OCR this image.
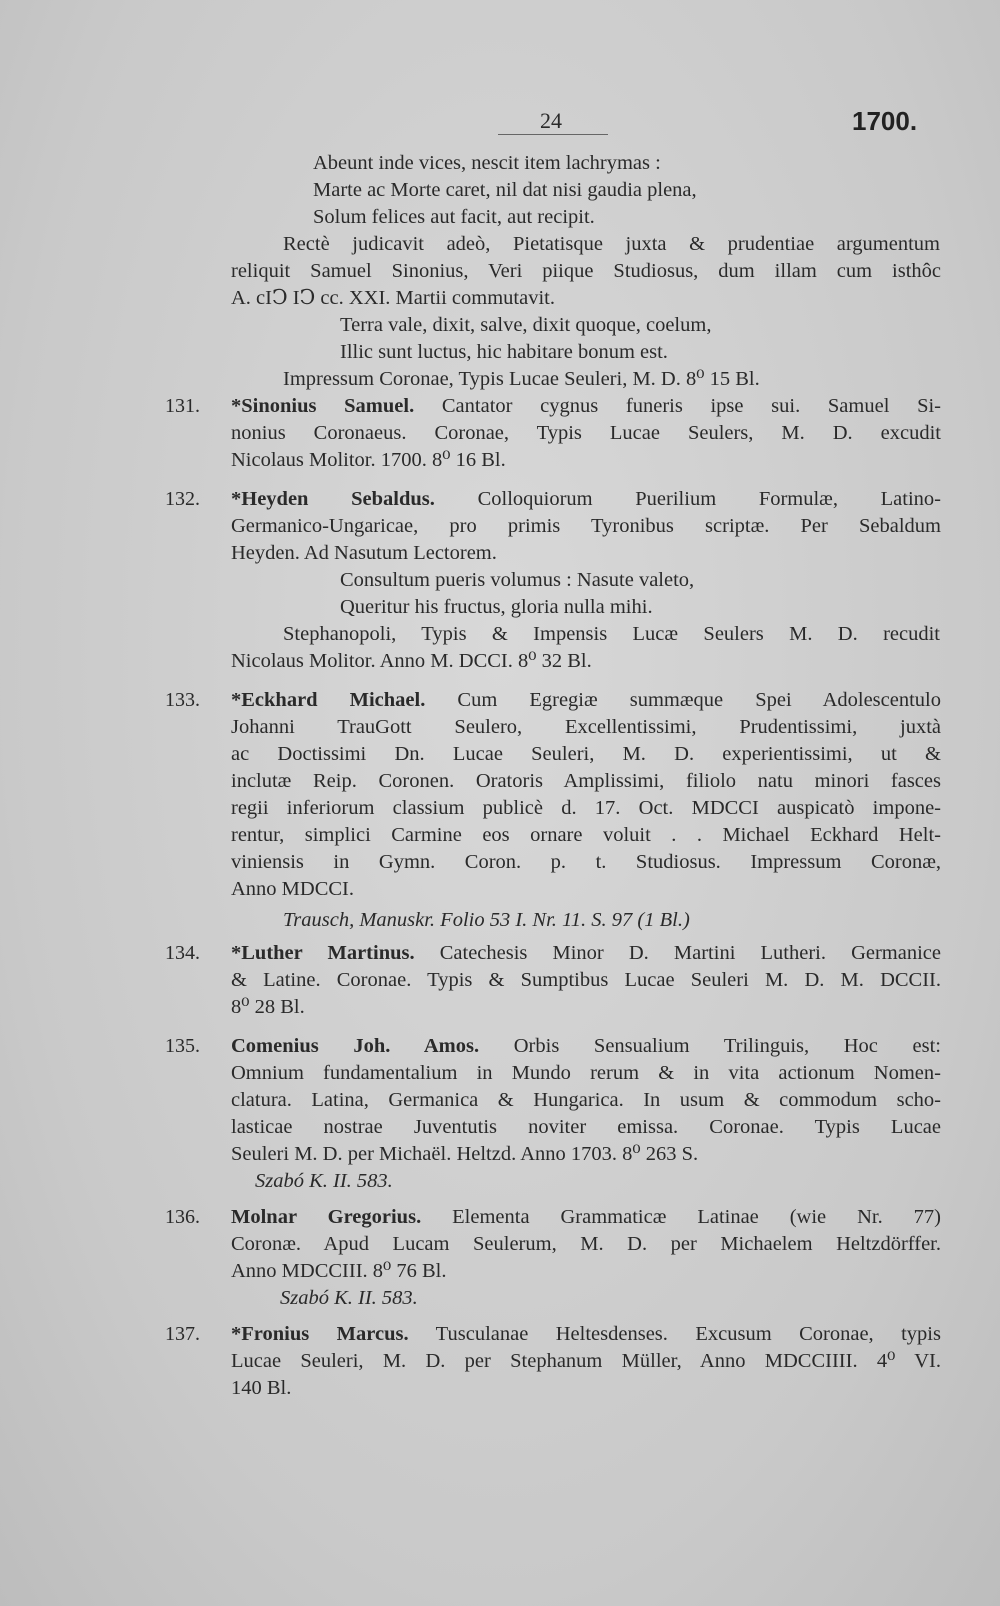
24	1700.
Abeunt inde vices, nescit item lachrymas :
Marte ac Morte caret, nil dat nisi gaudia plena,
Solum felices aut facit, aut recipit.
Rectè judicavit adeò, Pietatisque juxta & prudentiae argumentum
reliquit Samuel Sinonius, Veri piique Studiosus, dum illam cum isthôc
A. cIↃ IↃ cc. XXI. Martii commutavit.
Terra vale, dixit, salve, dixit quoque, coelum,
Illic sunt luctus, hic habitare bonum est.
Impressum Coronae, Typis Lucae Seuleri, M. D. 8⁰ 15 Bl.
131. *Sinonius Samuel. Cantator cygnus funeris ipse sui. Samuel Si-
nonius Coronaeus. Coronae, Typis Lucae Seulers, M. D. excudit
Nicolaus Molitor. 1700. 8⁰ 16 Bl.
132. *Heyden Sebaldus. Colloquiorum Puerilium Formulæ, Latino-
Germanico-Ungaricae, pro primis Tyronibus scriptæ. Per Sebaldum
Heyden. Ad Nasutum Lectorem.
Consultum pueris volumus : Nasute valeto,
Queritur his fructus, gloria nulla mihi.
Stephanopoli, Typis & Impensis Lucæ Seulers M. D. recudit
Nicolaus Molitor. Anno M. DCCI. 8⁰ 32 Bl.
133. *Eckhard Michael. Cum Egregiæ summæque Spei Adolescentulo
Johanni TrauGott Seulero, Excellentissimi, Prudentissimi, juxtà
ac Doctissimi Dn. Lucae Seuleri, M. D. experientissimi, ut &
inclutæ Reip. Coronen. Oratoris Amplissimi, filiolo natu minori fasces
regii inferiorum classium publicè d. 17. Oct. MDCCI auspicatò impone-
rentur, simplici Carmine eos ornare voluit . . Michael Eckhard Helt-
viniensis in Gymn. Coron. p. t. Studiosus. Impressum Coronæ,
Anno MDCCI.
Trausch, Manuskr. Folio 53 I. Nr. 11. S. 97 (1 Bl.)
134. *Luther Martinus. Catechesis Minor D. Martini Lutheri. Germanice
& Latine. Coronae. Typis & Sumptibus Lucae Seuleri M. D. M. DCCII.
8⁰ 28 Bl.
135. Comenius Joh. Amos. Orbis Sensualium Trilinguis, Hoc est:
Omnium fundamentalium in Mundo rerum & in vita actionum Nomen-
clatura. Latina, Germanica & Hungarica. In usum & commodum scho-
lasticae nostrae Juventutis noviter emissa. Coronae. Typis Lucae
Seuleri M. D. per Michaël. Heltzd. Anno 1703. 8⁰ 263 S.
Szabó K. II. 583.
136. Molnar Gregorius. Elementa Grammaticæ Latinae (wie Nr. 77)
Coronæ. Apud Lucam Seulerum, M. D. per Michaelem Heltzdörffer.
Anno MDCCIII. 8⁰ 76 Bl.
Szabó K. II. 583.
137. *Fronius Marcus. Tusculanae Heltesdenses. Excusum Coronae, typis
Lucae Seuleri, M. D. per Stephanum Müller, Anno MDCCIIII. 4⁰ VI.
140 Bl.
